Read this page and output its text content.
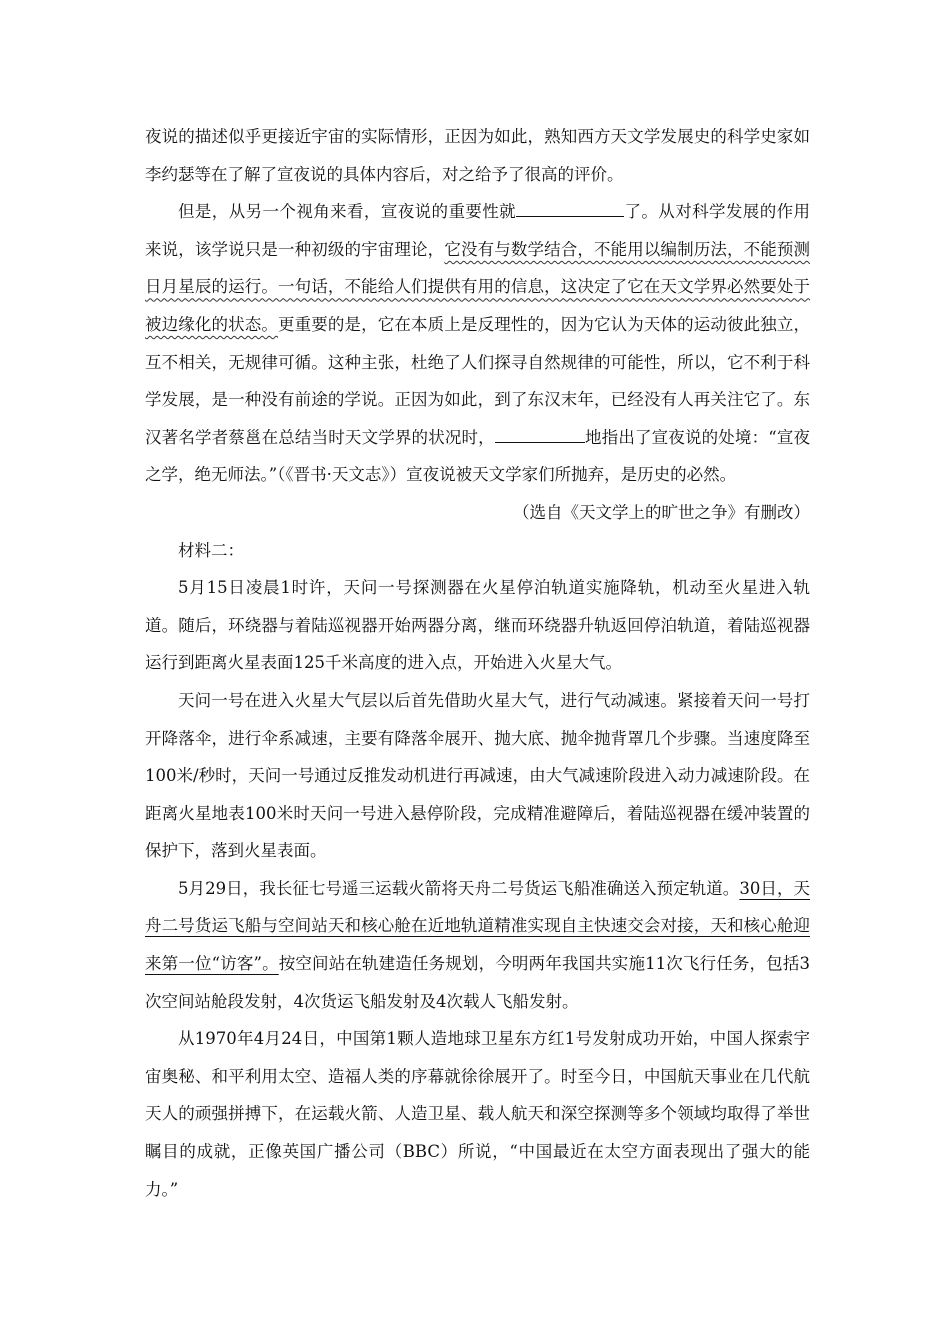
夜说的描述似乎更接近宇宙的实际情形，正因为如此，熟知西方天文学发展史的科学史家如李约瑟等在了解了宣夜说的具体内容后，对之给予了很高的评价。

但是，从另一个视角来看，宣夜说的重要性就	了。从对科学发展的作用来说，该学说只是一种初级的宇宙理论，它没有与数学结合，不能用以编制历法，不能预测日月星辰的运行。一句话，不能给人们提供有用的信息，这决定了它在天文学界必然要处于被边缘化的状态。更重要的是，它在本质上是反理性的，因为它认为天体的运动彼此独立，互不相关，无规律可循。这种主张，杜绝了人们探寻自然规律的可能性，所以，它不利于科学发展，是一种没有前途的学说。正因为如此，到了东汉末年，已经没有人再关注它了。东汉著名学者蔡邕在总结当时天文学界的状况时，	地指出了宣夜说的处境：“宣夜之学，绝无师法。”（《晋书·天文志》）宣夜说被天文学家们所抛弃，是历史的必然。

（选自《天文学上的旷世之争》有删改）

材料二：

5月15日凌晨1时许，天问一号探测器在火星停泊轨道实施降轨，机动至火星进入轨道。随后，环绕器与着陆巡视器开始两器分离，继而环绕器升轨返回停泊轨道，着陆巡视器运行到距离火星表面125千米高度的进入点，开始进入火星大气。

天问一号在进入火星大气层以后首先借助火星大气，进行气动减速。紧接着天问一号打开降落伞，进行伞系减速，主要有降落伞展开、抛大底、抛伞抛背罩几个步骤。当速度降至100米/秒时，天问一号通过反推发动机进行再减速，由大气减速阶段进入动力减速阶段。在距离火星地表100米时天问一号进入悬停阶段，完成精准避障后，着陆巡视器在缓冲装置的保护下，落到火星表面。

5月29日，我长征七号遥三运载火箭将天舟二号货运飞船准确送入预定轨道。30日，天舟二号货运飞船与空间站天和核心舱在近地轨道精准实现自主快速交会对接，天和核心舱迎来第一位“访客”。按空间站在轨建造任务规划，今明两年我国共实施11次飞行任务，包括3次空间站舱段发射，4次货运飞船发射及4次载人飞船发射。

从1970年4月24日，中国第1颗人造地球卫星东方红1号发射成功开始，中国人探索宇宙奥秘、和平利用太空、造福人类的序幕就徐徐展开了。时至今日，中国航天事业在几代航天人的顽强拼搏下，在运载火箭、人造卫星、载人航天和深空探测等多个领域均取得了举世瞩目的成就，正像英国广播公司（BBC）所说，“中国最近在太空方面表现出了强大的能力。”
